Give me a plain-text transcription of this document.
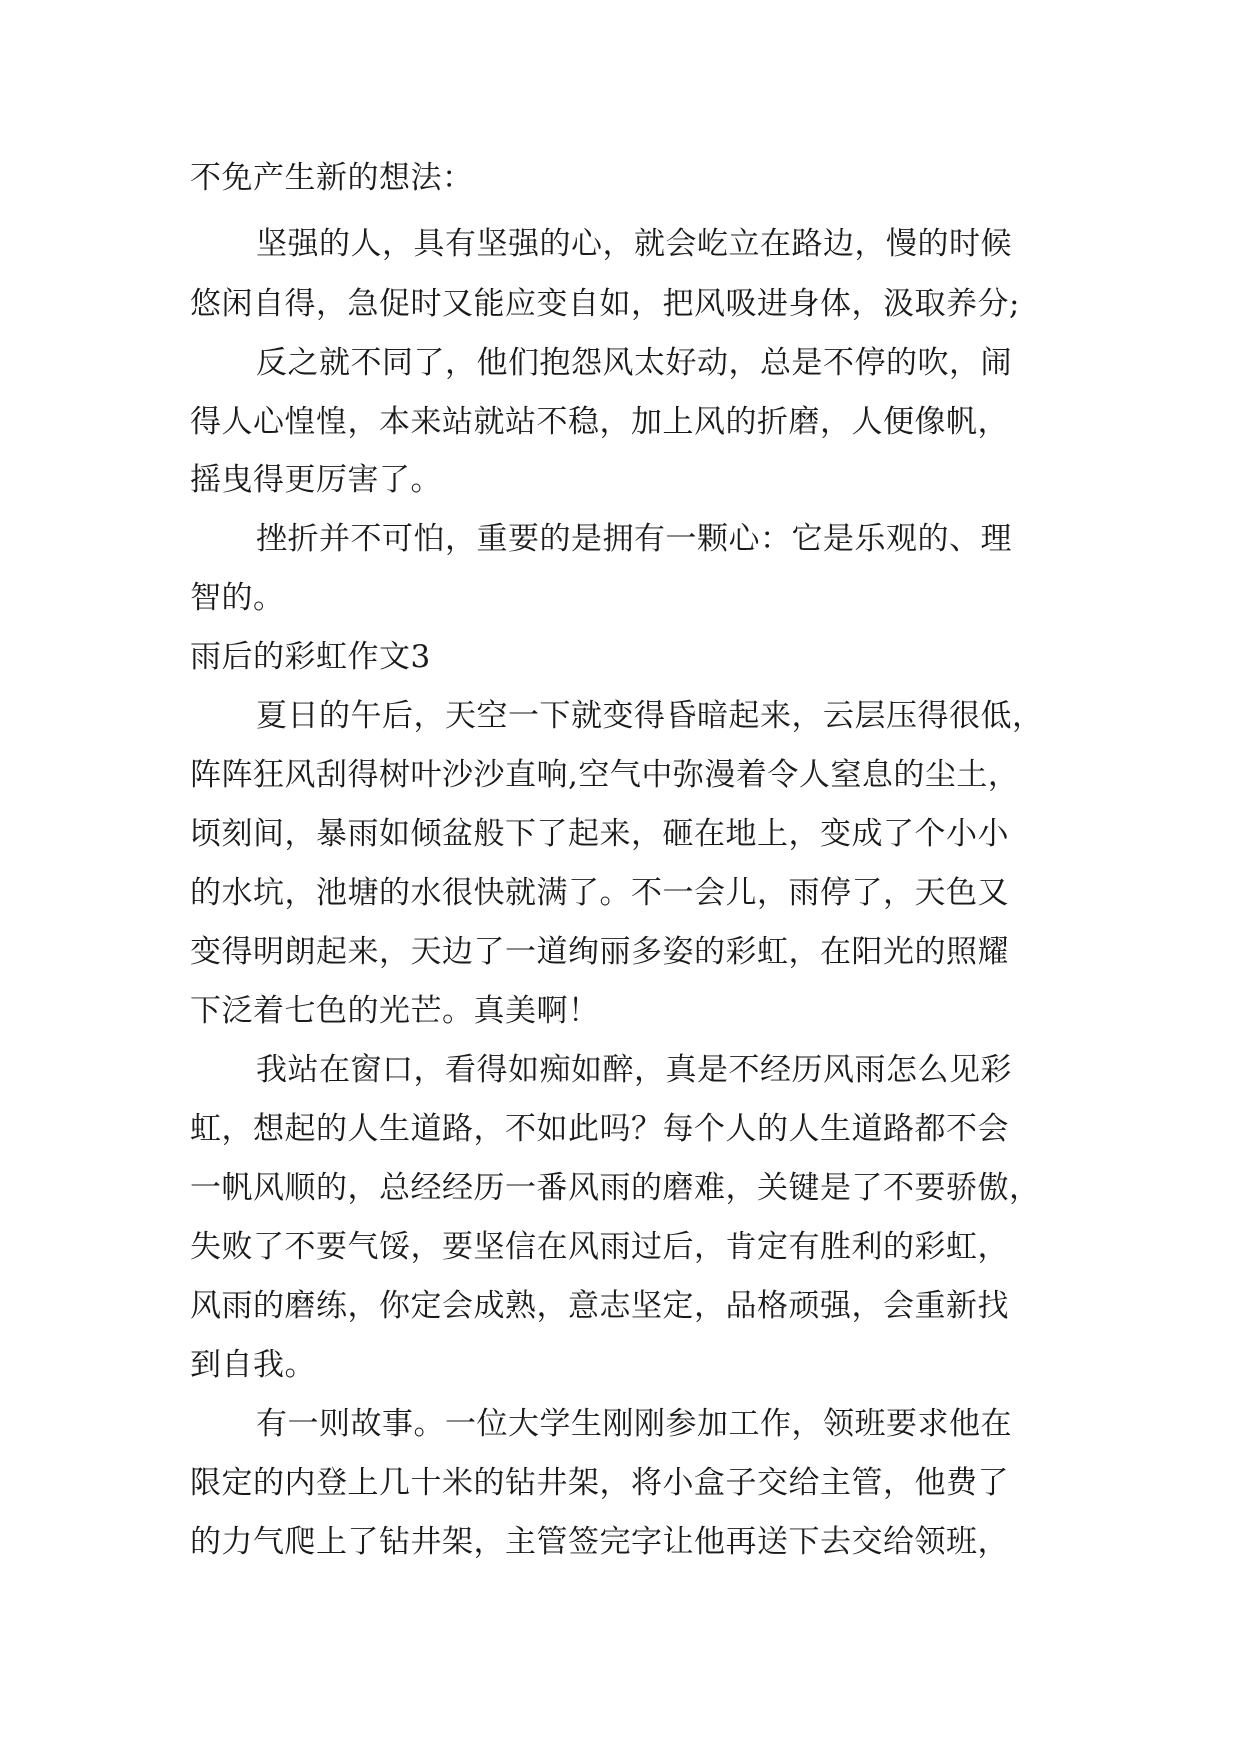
不免产生新的想法：
坚强的人，具有坚强的心，就会屹立在路边，慢的时候
悠闲自得，急促时又能应变自如，把风吸进身体，汲取养分;
反之就不同了，他们抱怨风太好动，总是不停的吹，闹
得人心惶惶，本来站就站不稳，加上风的折磨，人便像帆，
摇曳得更厉害了。
挫折并不可怕，重要的是拥有一颗心：它是乐观的、理
智的。
雨后的彩虹作文3
夏日的午后，天空一下就变得昏暗起来，云层压得很低，
阵阵狂风刮得树叶沙沙直响,空气中弥漫着令人窒息的尘土，
顷刻间，暴雨如倾盆般下了起来，砸在地上，变成了个小小
的水坑，池塘的水很快就满了。不一会儿，雨停了，天色又
变得明朗起来，天边了一道绚丽多姿的彩虹，在阳光的照耀
下泛着七色的光芒。真美啊！
我站在窗口，看得如痴如醉，真是不经历风雨怎么见彩
虹，想起的人生道路，不如此吗？每个人的人生道路都不会
一帆风顺的，总经经历一番风雨的磨难，关键是了不要骄傲，
失败了不要气馁，要坚信在风雨过后，肯定有胜利的彩虹，
风雨的磨练，你定会成熟，意志坚定，品格顽强，会重新找
到自我。
有一则故事。一位大学生刚刚参加工作，领班要求他在
限定的内登上几十米的钻井架，将小盒子交给主管，他费了
的力气爬上了钻井架，主管签完字让他再送下去交给领班，
